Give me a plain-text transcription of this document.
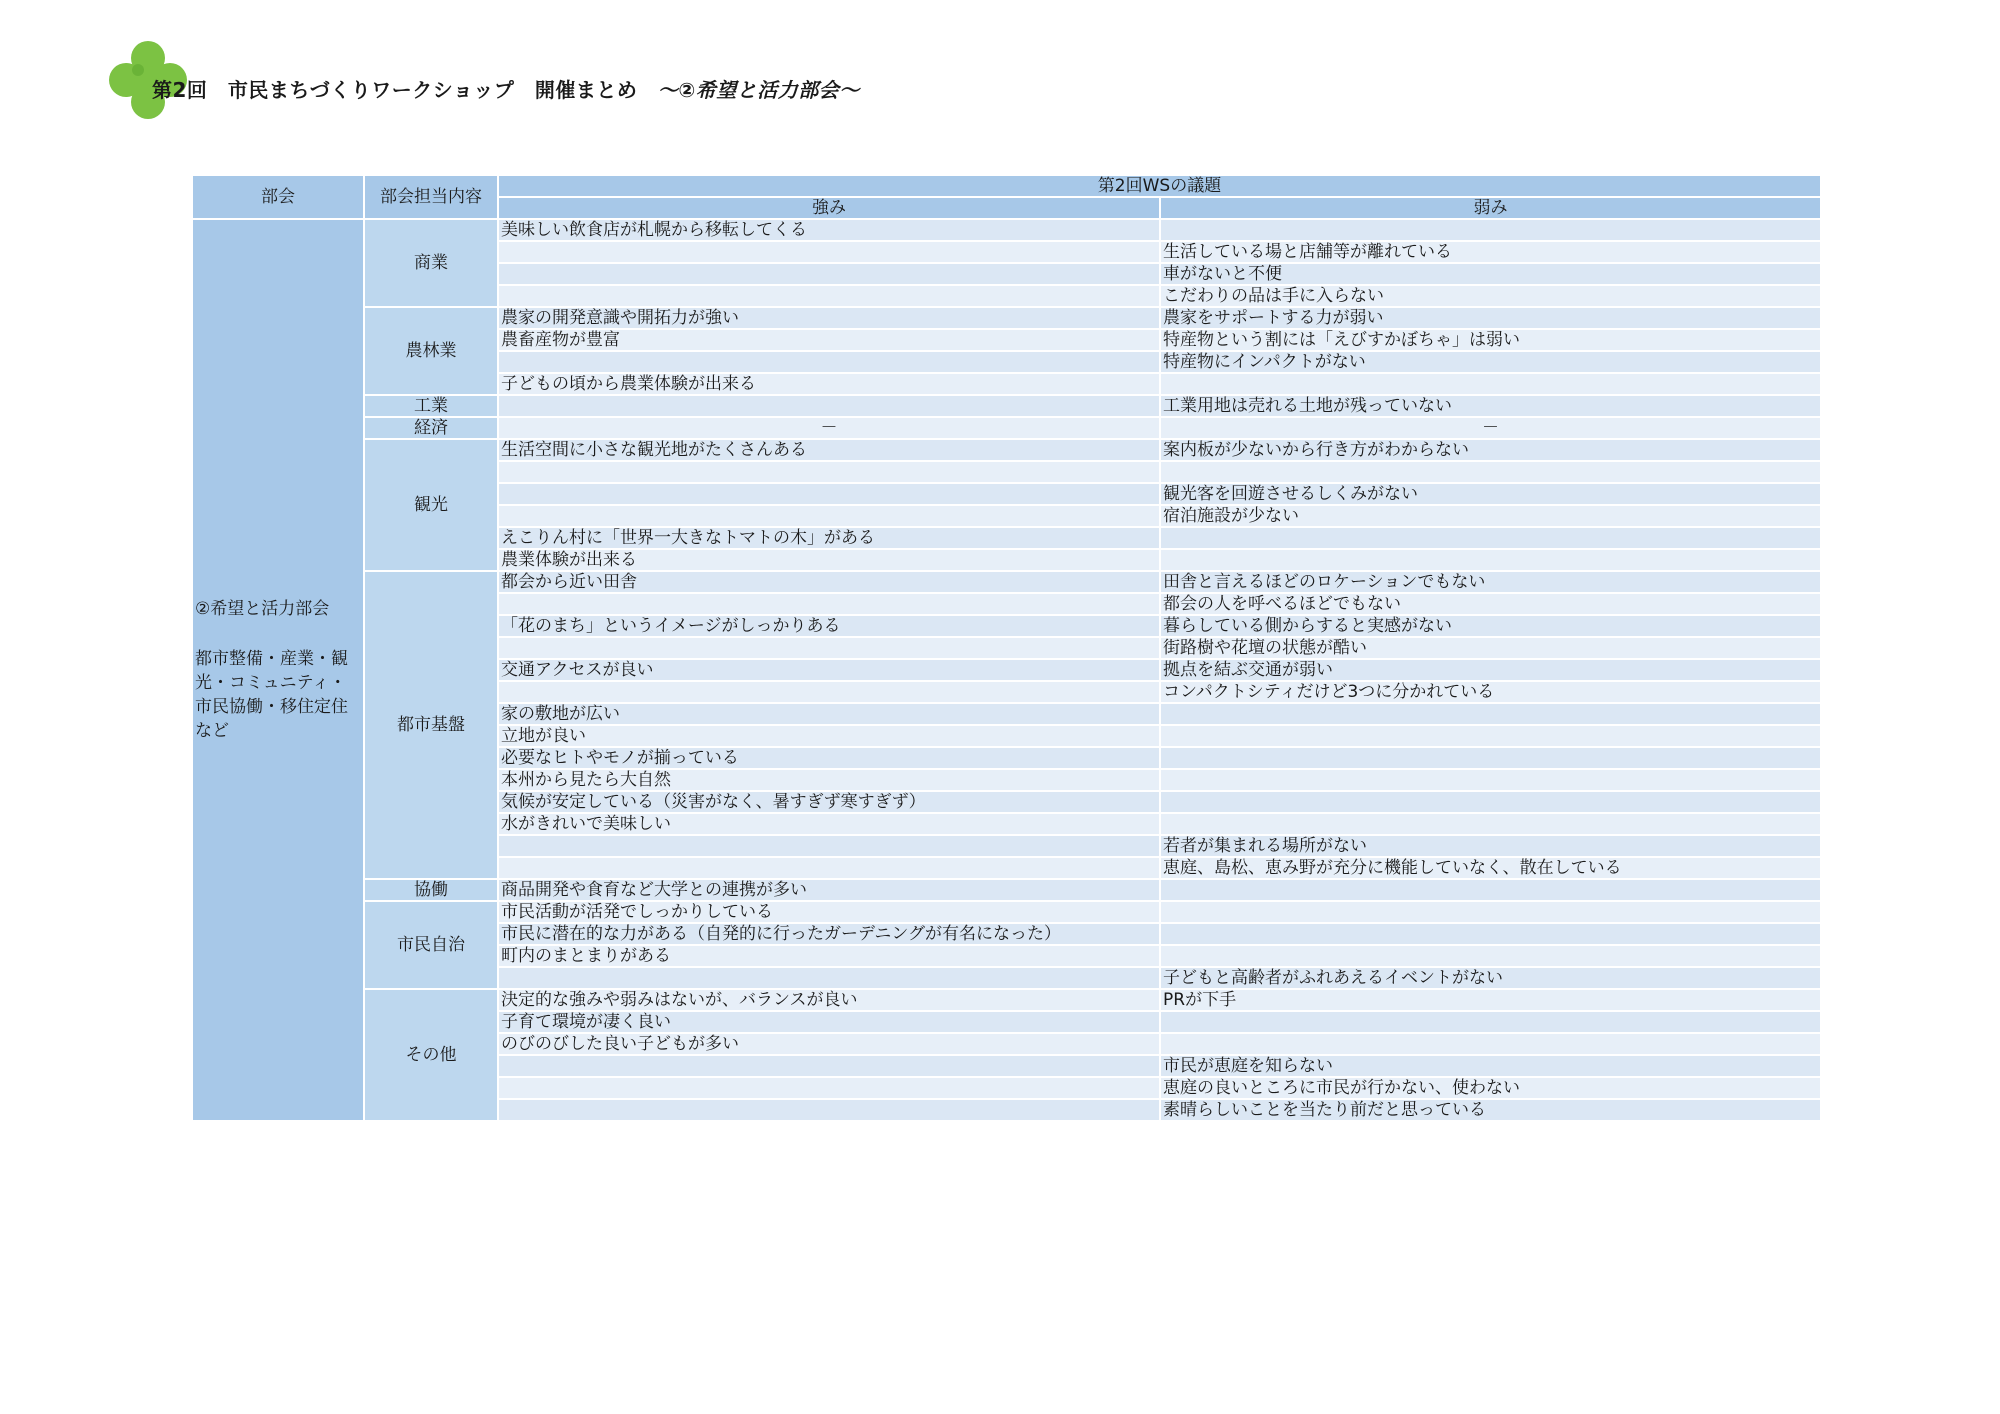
第2回　市民まちづくりワークショップ　開催まとめ　～②希望と活力部会～
部会	部会担当内容	第2回WSの議題	
		強み	弱み

②希望と活力部会
都市整備・産業・観光・コミュニティ・市民協働・移住定住など	商業	美味しい飲食店が札幌から移転してくる	
			生活している場と店舗等が離れている
			車がないと不便
			こだわりの品は手に入らない
	農林業	農家の開発意識や開拓力が強い	農家をサポートする力が弱い
		農畜産物が豊富	特産物という割には「えびすかぼちゃ」は弱い
			特産物にインパクトがない
		子どもの頃から農業体験が出来る	
	工業		工業用地は売れる土地が残っていない
	経済	－	－
	観光	生活空間に小さな観光地がたくさんある	案内板が少ないから行き方がわからない

			観光客を回遊させるしくみがない
			宿泊施設が少ない
		えこりん村に「世界一大きなトマトの木」がある	
		農業体験が出来る	
	都市基盤	都会から近い田舎	田舎と言えるほどのロケーションでもない
			都会の人を呼べるほどでもない
		「花のまち」というイメージがしっかりある	暮らしている側からすると実感がない
			街路樹や花壇の状態が酷い
		交通アクセスが良い	拠点を結ぶ交通が弱い
			コンパクトシティだけど3つに分かれている
		家の敷地が広い	
		立地が良い	
		必要なヒトやモノが揃っている	
		本州から見たら大自然	
		気候が安定している（災害がなく、暑すぎず寒すぎず）	
		水がきれいで美味しい	
			若者が集まれる場所がない
			恵庭、島松、恵み野が充分に機能していなく、散在している
	協働	商品開発や食育など大学との連携が多い	
	市民自治	市民活動が活発でしっかりしている	
		市民に潜在的な力がある（自発的に行ったガーデニングが有名になった）	
		町内のまとまりがある	
			子どもと高齢者がふれあえるイベントがない
	その他	決定的な強みや弱みはないが、バランスが良い	PRが下手
		子育て環境が凄く良い	
		のびのびした良い子どもが多い	
			市民が恵庭を知らない
			恵庭の良いところに市民が行かない、使わない
			素晴らしいことを当たり前だと思っている
